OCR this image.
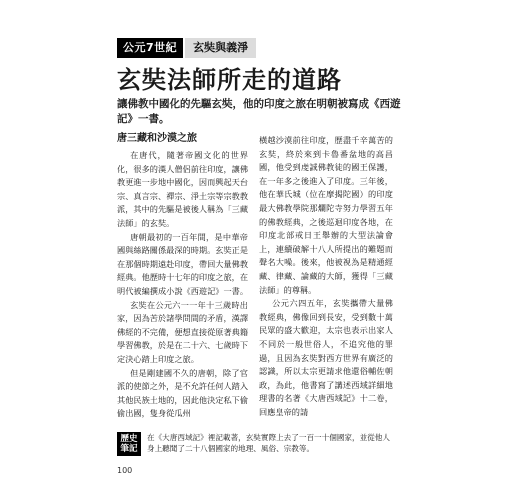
公元7世紀	玄奘與義淨
玄奘法師所走的道路

讓佛教中國化的先驅玄奘，他的印度之旅在明朝被寫成《西遊記》一書。

唐三藏和沙漠之旅

在唐代，隨著帝國文化的世界化，很多的漢人僧侶前往印度，讓佛教更進一步地中國化，因而興起天台宗、真言宗、禪宗、淨土宗等宗教教派，其中的先驅是被後人稱為「三藏法師」的玄奘。

唐朝最初的一百年間，是中華帝國與絲路關係最深的時期。玄奘正是在那個時期遠赴印度，帶回大量佛教經典。他歷時十七年的印度之旅，在明代被編撰成小說《西遊記》一書。

玄奘在公元六一一年十三歲時出家，因為苦於諸學問間的矛盾，漢譯佛經的不完備，便想直接從原著典籍學習佛教，於是在二十六、七歲時下定決心踏上印度之旅。

但是剛建國不久的唐朝，除了官派的使節之外，是不允許任何人踏入其他民族土地的，因此他決定私下偷偷出國，隻身從瓜州

橫越沙漠前往印度，歷盡千辛萬苦的玄奘，終於來到卡魯番盆地的高昌國，他受到虔誠佛教徒的國王保護，在一年多之後進入了印度。三年後，他在華氏城（位在摩揭陀國）的印度最大佛教學院那爛陀寺努力學習五年的佛教經典，之後巡迴印度各地，在印度北部戒日王舉辦的大型法論會上，連續破解十八人所提出的難題而聲名大噪。後來，他被視為是精通經藏、律藏、論藏的大師，獲得「三藏法師」的尊稱。

公元六四五年，玄奘攜帶大量佛教經典，佛像回到長安，受到數十萬民眾的盛大歡迎，太宗也表示出家人不同於一般世俗人，不追究他的罪過，且因為玄奘對西方世界有廣泛的認識，所以太宗更請求他還俗輔佐朝政，為此，他書寫了講述西域詳細地理書的名著《大唐西域記》十二卷，回應皇帝的請

歷史
筆記
在《大唐西域記》裡記載著，玄奘實際上去了一百一十個國家，並從他人身上聽聞了二十八個國家的地理、風俗、宗教等。
100
